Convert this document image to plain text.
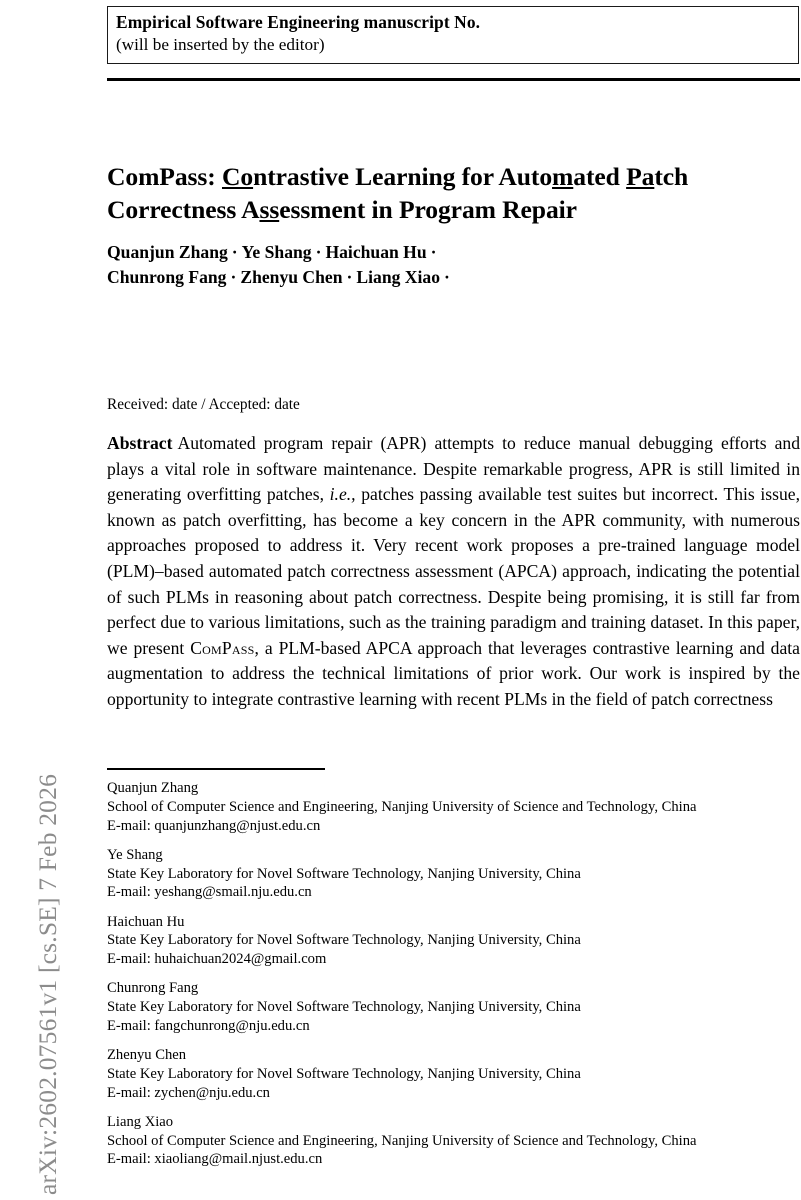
arXiv:2602.07561v1 [cs.SE] 7 Feb 2026
Empirical Software Engineering manuscript No.
(will be inserted by the editor)
ComPass: Contrastive Learning for Automated Patch
Correctness Assessment in Program Repair
Quanjun Zhang · Ye Shang · Haichuan Hu ·
Chunrong Fang · Zhenyu Chen · Liang Xiao ·
Received: date / Accepted: date
Abstract Automated program repair (APR) attempts to reduce manual debugging efforts and plays a vital role in software maintenance. Despite remarkable progress, APR is still limited in generating overfitting patches, i.e., patches passing available test suites but incorrect. This issue, known as patch overfitting, has become a key concern in the APR community, with numerous approaches proposed to address it. Very recent work proposes a pre-trained language model (PLM)–based automated patch correctness assessment (APCA) approach, indicating the potential of such PLMs in reasoning about patch correctness. Despite being promising, it is still far from perfect due to various limitations, such as the training paradigm and training dataset. In this paper, we present ComPass, a PLM-based APCA approach that leverages contrastive learning and data augmentation to address the technical limitations of prior work. Our work is inspired by the opportunity to integrate contrastive learning with recent PLMs in the field of patch correctness
Quanjun Zhang
School of Computer Science and Engineering, Nanjing University of Science and Technology, China
E-mail: quanjunzhang@njust.edu.cn
Ye Shang
State Key Laboratory for Novel Software Technology, Nanjing University, China
E-mail: yeshang@smail.nju.edu.cn
Haichuan Hu
State Key Laboratory for Novel Software Technology, Nanjing University, China
E-mail: huhaichuan2024@gmail.com
Chunrong Fang
State Key Laboratory for Novel Software Technology, Nanjing University, China
E-mail: fangchunrong@nju.edu.cn
Zhenyu Chen
State Key Laboratory for Novel Software Technology, Nanjing University, China
E-mail: zychen@nju.edu.cn
Liang Xiao
School of Computer Science and Engineering, Nanjing University of Science and Technology, China
E-mail: xiaoliang@mail.njust.edu.cn
